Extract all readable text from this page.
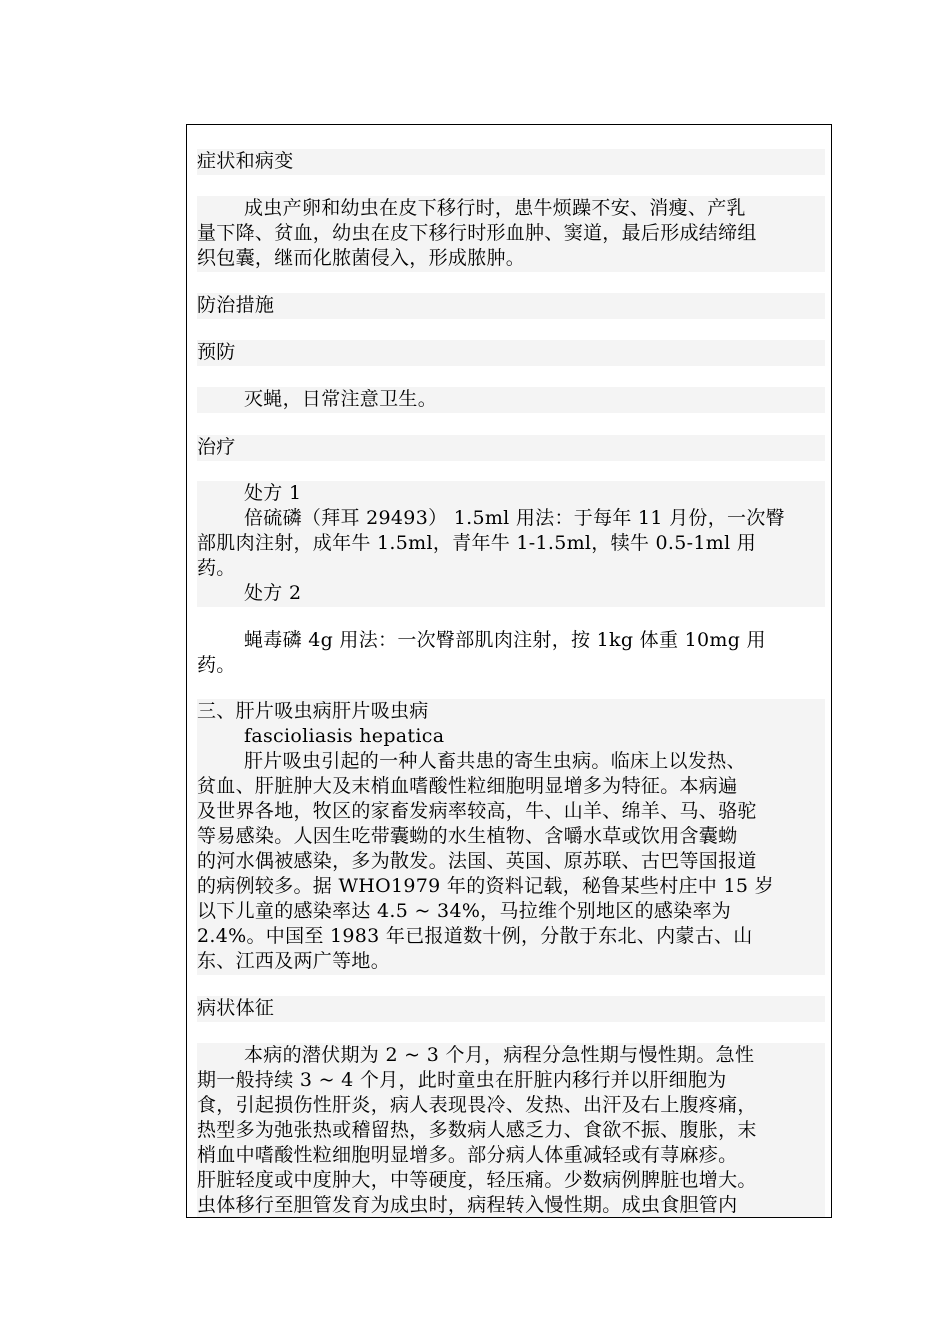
症状和病变
成虫产卵和幼虫在皮下移行时，患牛烦躁不安、消瘦、产乳
量下降、贫血，幼虫在皮下移行时形血肿、窦道，最后形成结缔组
织包囊，继而化脓菌侵入，形成脓肿。
防治措施
预防
灭蝇，日常注意卫生。
治疗
处方 1
倍硫磷（拜耳 29493） 1.5ml 用法：于每年 11 月份，一次臀
部肌肉注射，成年牛 1.5ml，青年牛 1-1.5ml，犊牛 0.5-1ml 用
药。
处方 2
蝇毒磷 4g 用法：一次臀部肌肉注射，按 1kg 体重 10mg 用
药。
三、肝片吸虫病肝片吸虫病
fascioliasis hepatica
肝片吸虫引起的一种人畜共患的寄生虫病。临床上以发热、
贫血、肝脏肿大及末梢血嗜酸性粒细胞明显增多为特征。本病遍
及世界各地，牧区的家畜发病率较高，牛、山羊、绵羊、马、骆驼
等易感染。人因生吃带囊蚴的水生植物、含嚼水草或饮用含囊蚴
的河水偶被感染，多为散发。法国、英国、原苏联、古巴等国报道
的病例较多。据 WHO1979 年的资料记载，秘鲁某些村庄中 15 岁
以下儿童的感染率达 4.5 ~ 34%，马拉维个别地区的感染率为
2.4%。中国至 1983 年已报道数十例，分散于东北、内蒙古、山
东、江西及两广等地。
病状体征
本病的潜伏期为 2 ~ 3 个月，病程分急性期与慢性期。急性
期一般持续 3 ~ 4 个月，此时童虫在肝脏内移行并以肝细胞为
食，引起损伤性肝炎，病人表现畏冷、发热、出汗及右上腹疼痛，
热型多为弛张热或稽留热，多数病人感乏力、食欲不振、腹胀，末
梢血中嗜酸性粒细胞明显增多。部分病人体重减轻或有荨麻疹。
肝脏轻度或中度肿大，中等硬度，轻压痛。少数病例脾脏也增大。
虫体移行至胆管发育为成虫时，病程转入慢性期。成虫食胆管内
